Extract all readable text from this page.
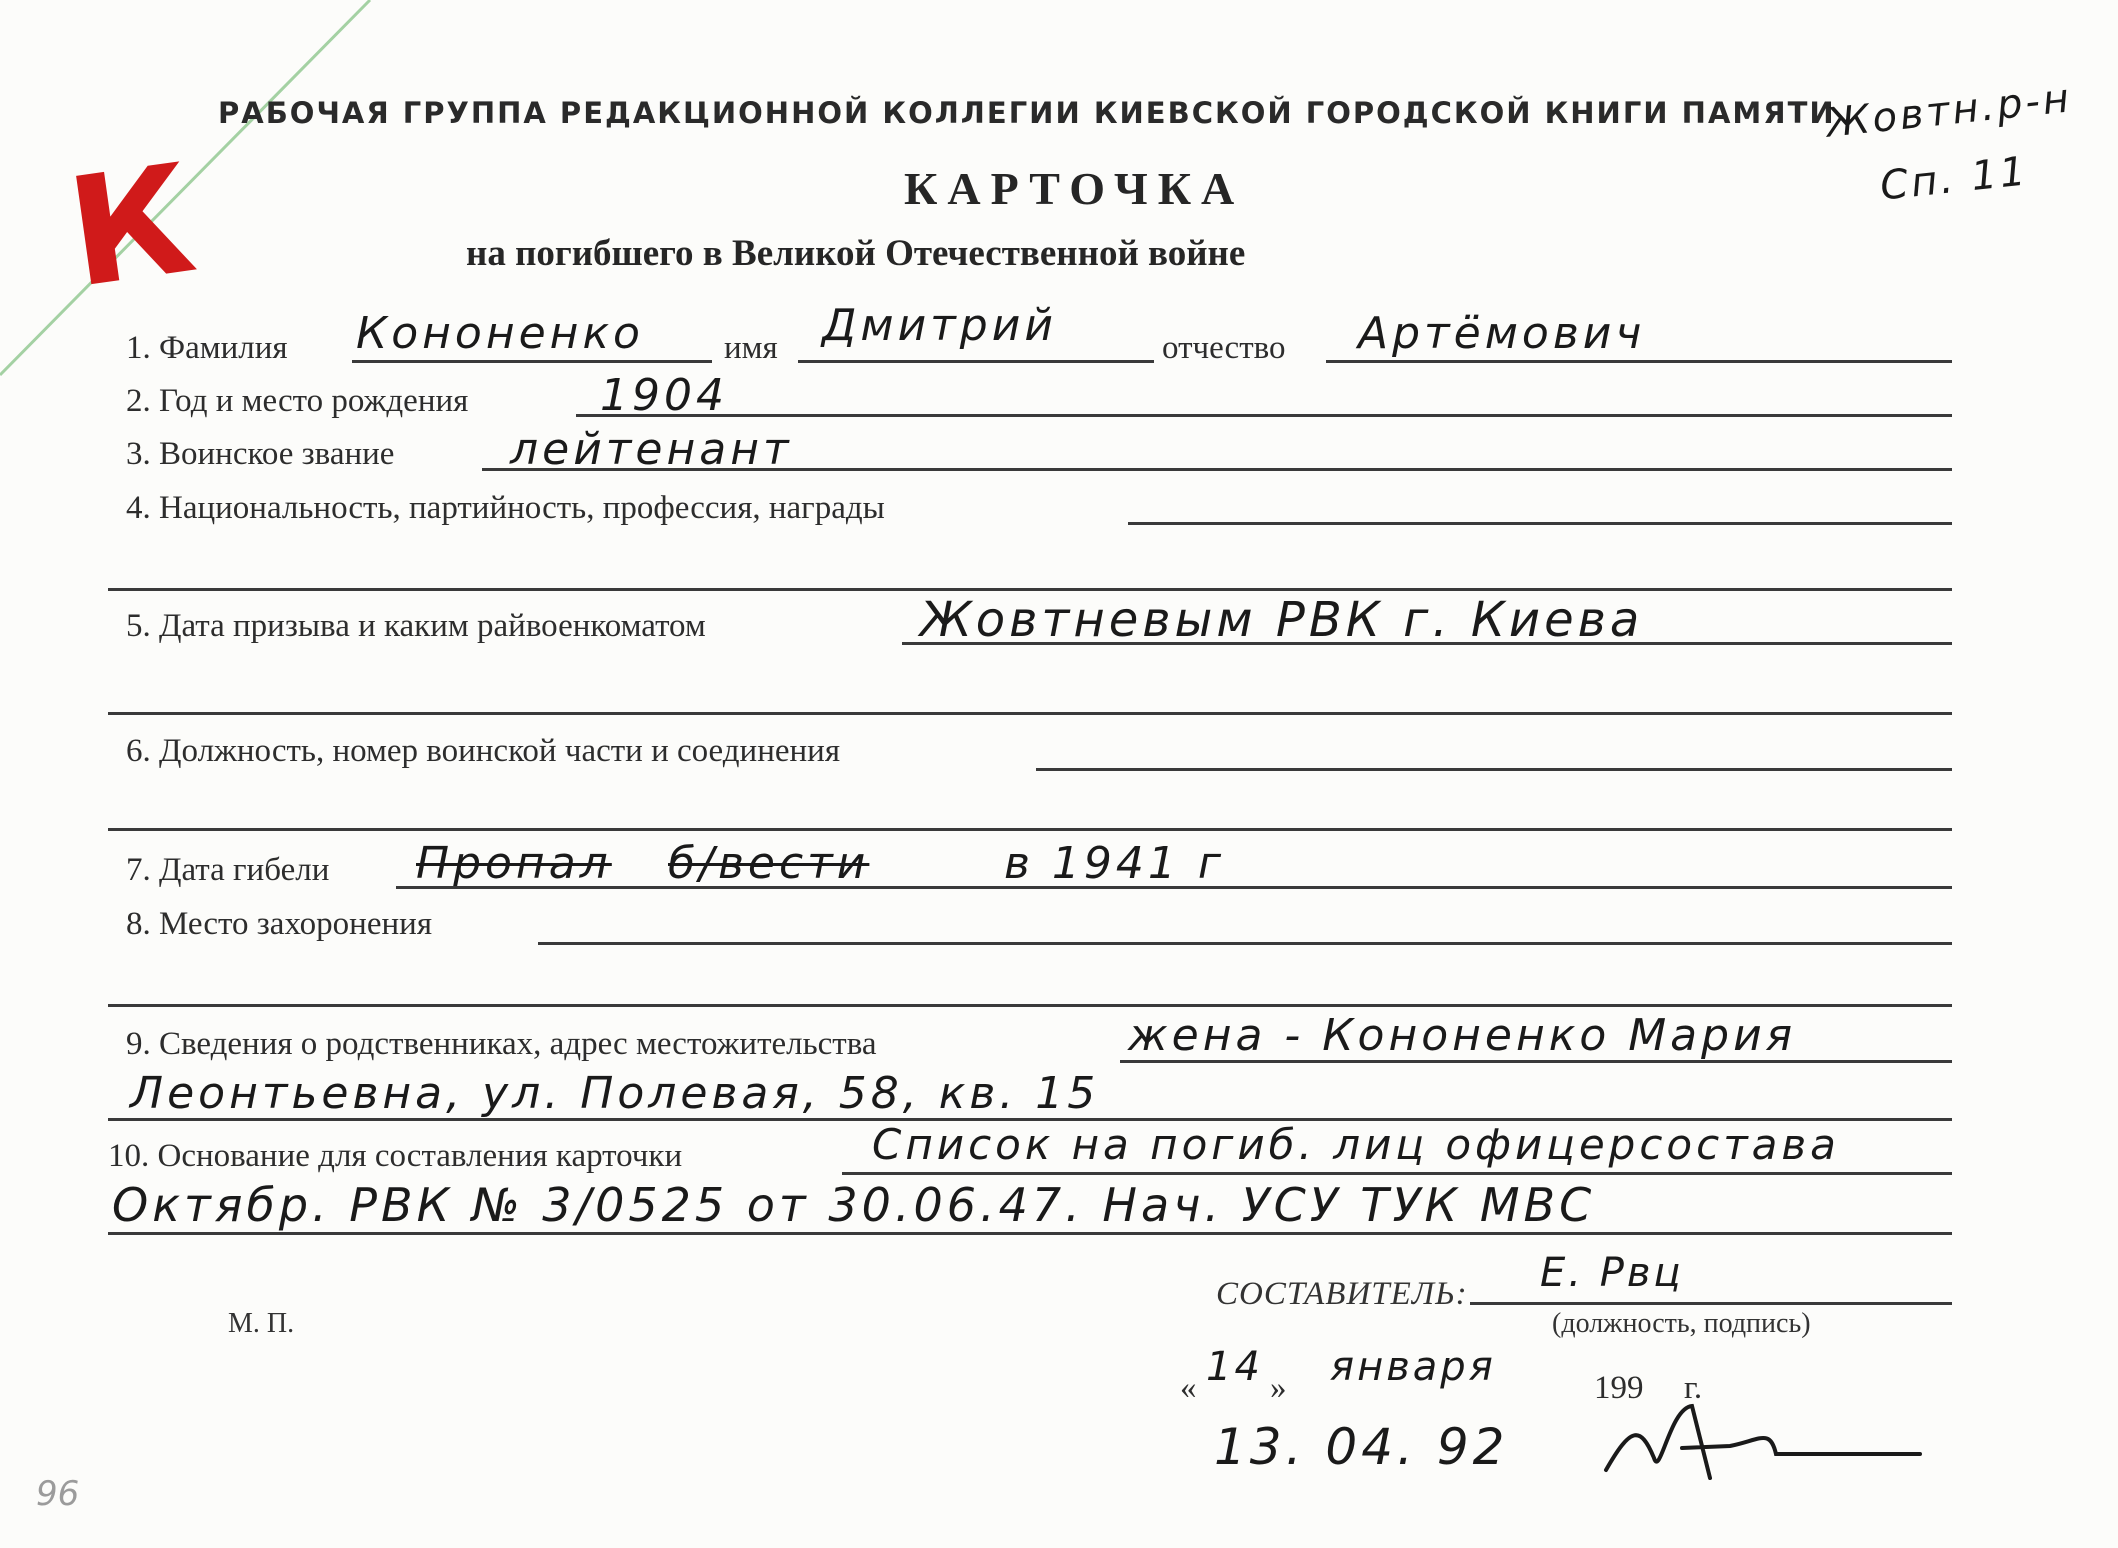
К
РАБОЧАЯ ГРУППА РЕДАКЦИОННОЙ КОЛЛЕГИИ КИЕВСКОЙ ГОРОДСКОЙ КНИГИ ПАМЯТИ
Жовтн.р-н
Сп. 11
КАРТОЧКА
на погибшего в Великой Отечественной войне
1. Фамилия Кононенко имя Дмитрий	отчество Артёмович
2. Год и место рождения	1904
3. Воинское звание	лейтенант
4. Национальность, партийность, профессия, награды
5. Дата призыва и каким райвоенкоматом	Жовтневым РВК г. Киева
6. Должность, номер воинской части и соединения
7. Дата гибели Пропал б/вести	в 1941 г
8. Место захоронения
9. Сведения о родственниках, адрес местожительства	жена - Кононенко Мария
Леонтьевна, ул. Полевая, 58, кв. 15
10. Основание для составления карточки	Список на погиб. лиц офицерсостава
Октябр. РВК № 3/0525 от 30.06.47. Нач. УСУ ТУК МВС
М. П.
СОСТАВИТЕЛЬ: Е. Рвц
(должность, подпись)
« 14 » января	199 г.
13. 04. 92
96
